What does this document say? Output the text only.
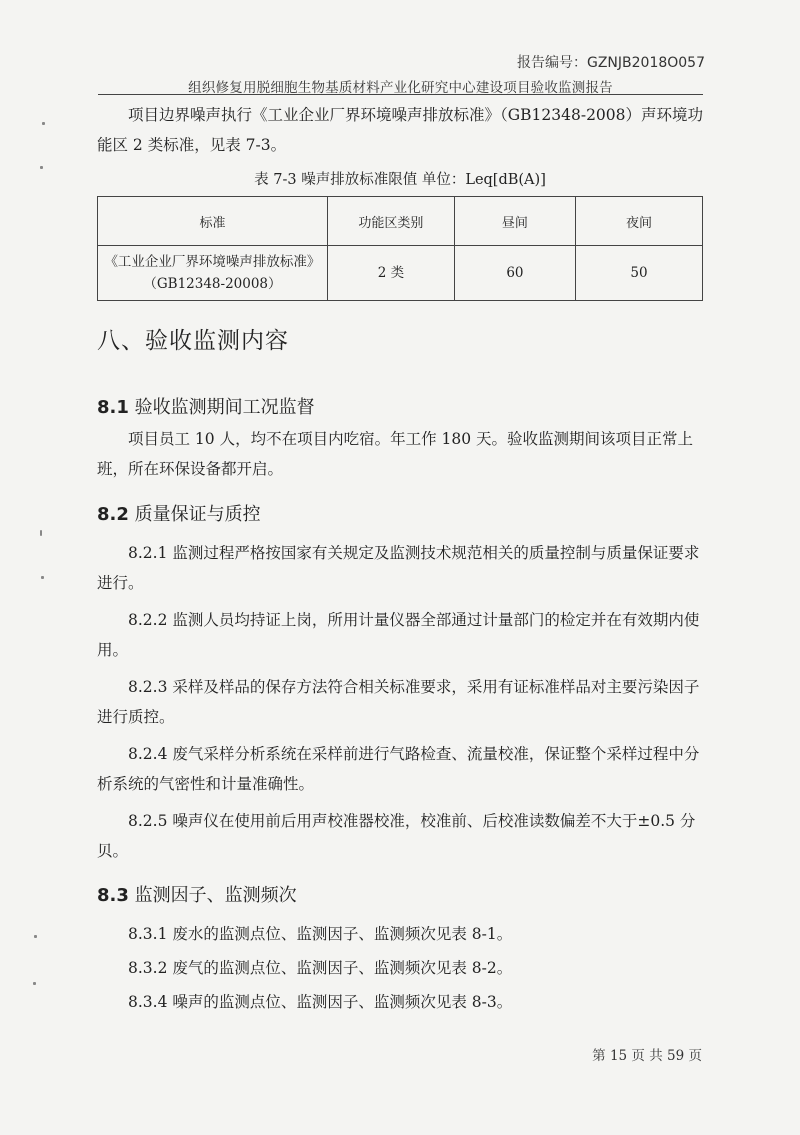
报告编号：GZNJB2018O057
组织修复用脱细胞生物基质材料产业化研究中心建设项目验收监测报告

项目边界噪声执行《工业企业厂界环境噪声排放标准》（GB12348-2008）声环境功能区 2 类标准，见表 7-3。

表 7-3 噪声排放标准限值 单位：Leq[dB(A)]
标准	功能区类别	昼间	夜间

《工业企业厂界环境噪声排放标准》
（GB12348-20008）	2 类	60	50
八、验收监测内容
8.1 验收监测期间工况监督

项目员工 10 人，均不在项目内吃宿。年工作 180 天。验收监测期间该项目正常上班，所在环保设备都开启。

8.2 质量保证与质控

8.2.1 监测过程严格按国家有关规定及监测技术规范相关的质量控制与质量保证要求进行。

8.2.2 监测人员均持证上岗，所用计量仪器全部通过计量部门的检定并在有效期内使用。

8.2.3 采样及样品的保存方法符合相关标准要求，采用有证标准样品对主要污染因子进行质控。

8.2.4 废气采样分析系统在采样前进行气路检查、流量校准，保证整个采样过程中分析系统的气密性和计量准确性。

8.2.5 噪声仪在使用前后用声校准器校准，校准前、后校准读数偏差不大于±0.5 分贝。

8.3 监测因子、监测频次

8.3.1 废水的监测点位、监测因子、监测频次见表 8-1。

8.3.2 废气的监测点位、监测因子、监测频次见表 8-2。

8.3.4 噪声的监测点位、监测因子、监测频次见表 8-3。

第 15 页 共 59 页
